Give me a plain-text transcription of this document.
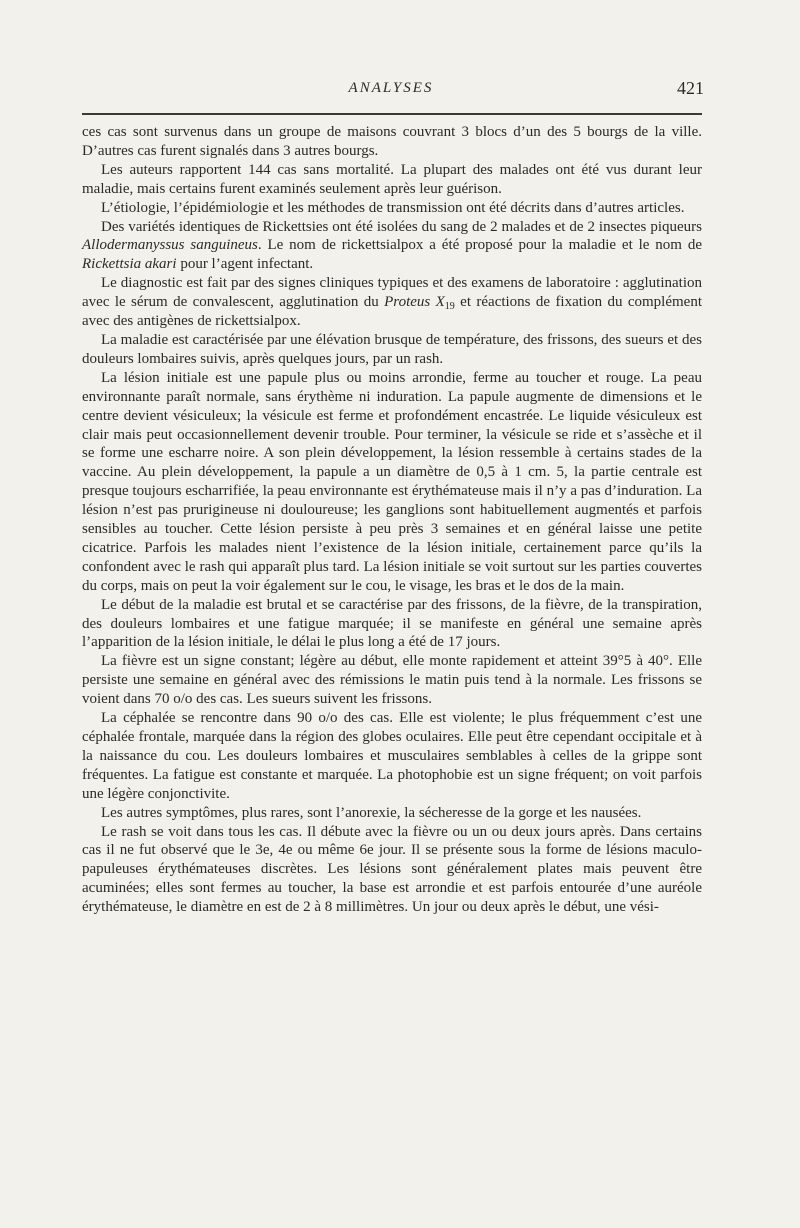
ANALYSES	421

ces cas sont survenus dans un groupe de maisons couvrant 3 blocs d’un des 5 bourgs de la ville. D’autres cas furent signalés dans 3 autres bourgs.

Les auteurs rapportent 144 cas sans mortalité. La plupart des malades ont été vus durant leur maladie, mais certains furent examinés seulement après leur guérison.

L’étiologie, l’épidémiologie et les méthodes de transmission ont été décrits dans d’autres articles.

Des variétés identiques de Rickettsies ont été isolées du sang de 2 malades et de 2 insectes piqueurs Allodermanyssus sanguineus. Le nom de rickettsialpox a été proposé pour la maladie et le nom de Rickettsia akari pour l’agent infectant.

Le diagnostic est fait par des signes cliniques typiques et des examens de laboratoire : agglutination avec le sérum de convalescent, agglutination du Proteus $X_{19}$ et réactions de fixation du complément avec des antigènes de rickettsialpox.

La maladie est caractérisée par une élévation brusque de température, des frissons, des sueurs et des douleurs lombaires suivis, après quelques jours, par un rash.

La lésion initiale est une papule plus ou moins arrondie, ferme au toucher et rouge. La peau environnante paraît normale, sans érythème ni induration. La papule augmente de dimensions et le centre devient vésiculeux; la vésicule est ferme et profondément encastrée. Le liquide vésiculeux est clair mais peut occasionnellement devenir trouble. Pour terminer, la vésicule se ride et s’assèche et il se forme une escharre noire. A son plein développement, la lésion ressemble à certains stades de la vaccine. Au plein développement, la papule a un diamètre de 0,5 à 1 cm. 5, la partie centrale est presque toujours escharrifiée, la peau environnante est érythémateuse mais il n’y a pas d’induration. La lésion n’est pas prurigineuse ni douloureuse; les ganglions sont habituellement augmentés et parfois sensibles au toucher. Cette lésion persiste à peu près 3 semaines et en général laisse une petite cicatrice. Parfois les malades nient l’existence de la lésion initiale, certainement parce qu’ils la confondent avec le rash qui apparaît plus tard. La lésion initiale se voit surtout sur les parties couvertes du corps, mais on peut la voir également sur le cou, le visage, les bras et le dos de la main.

Le début de la maladie est brutal et se caractérise par des frissons, de la fièvre, de la transpiration, des douleurs lombaires et une fatigue marquée; il se manifeste en général une semaine après l’apparition de la lésion initiale, le délai le plus long a été de 17 jours.

La fièvre est un signe constant; légère au début, elle monte rapidement et atteint 39°5 à 40°. Elle persiste une semaine en général avec des rémissions le matin puis tend à la normale. Les frissons se voient dans 70 o/o des cas. Les sueurs suivent les frissons.

La céphalée se rencontre dans 90 o/o des cas. Elle est violente; le plus fréquemment c’est une céphalée frontale, marquée dans la région des globes oculaires. Elle peut être cependant occipitale et à la naissance du cou. Les douleurs lombaires et musculaires semblables à celles de la grippe sont fréquentes. La fatigue est constante et marquée. La photophobie est un signe fréquent; on voit parfois une légère conjonctivite.

Les autres symptômes, plus rares, sont l’anorexie, la sécheresse de la gorge et les nausées.

Le rash se voit dans tous les cas. Il débute avec la fièvre ou un ou deux jours après. Dans certains cas il ne fut observé que le 3e, 4e ou même 6e jour. Il se présente sous la forme de lésions maculo-papuleuses érythémateuses discrètes. Les lésions sont généralement plates mais peuvent être acuminées; elles sont fermes au toucher, la base est arrondie et est parfois entourée d’une auréole érythémateuse, le diamètre en est de 2 à 8 millimètres. Un jour ou deux après le début, une vési-
